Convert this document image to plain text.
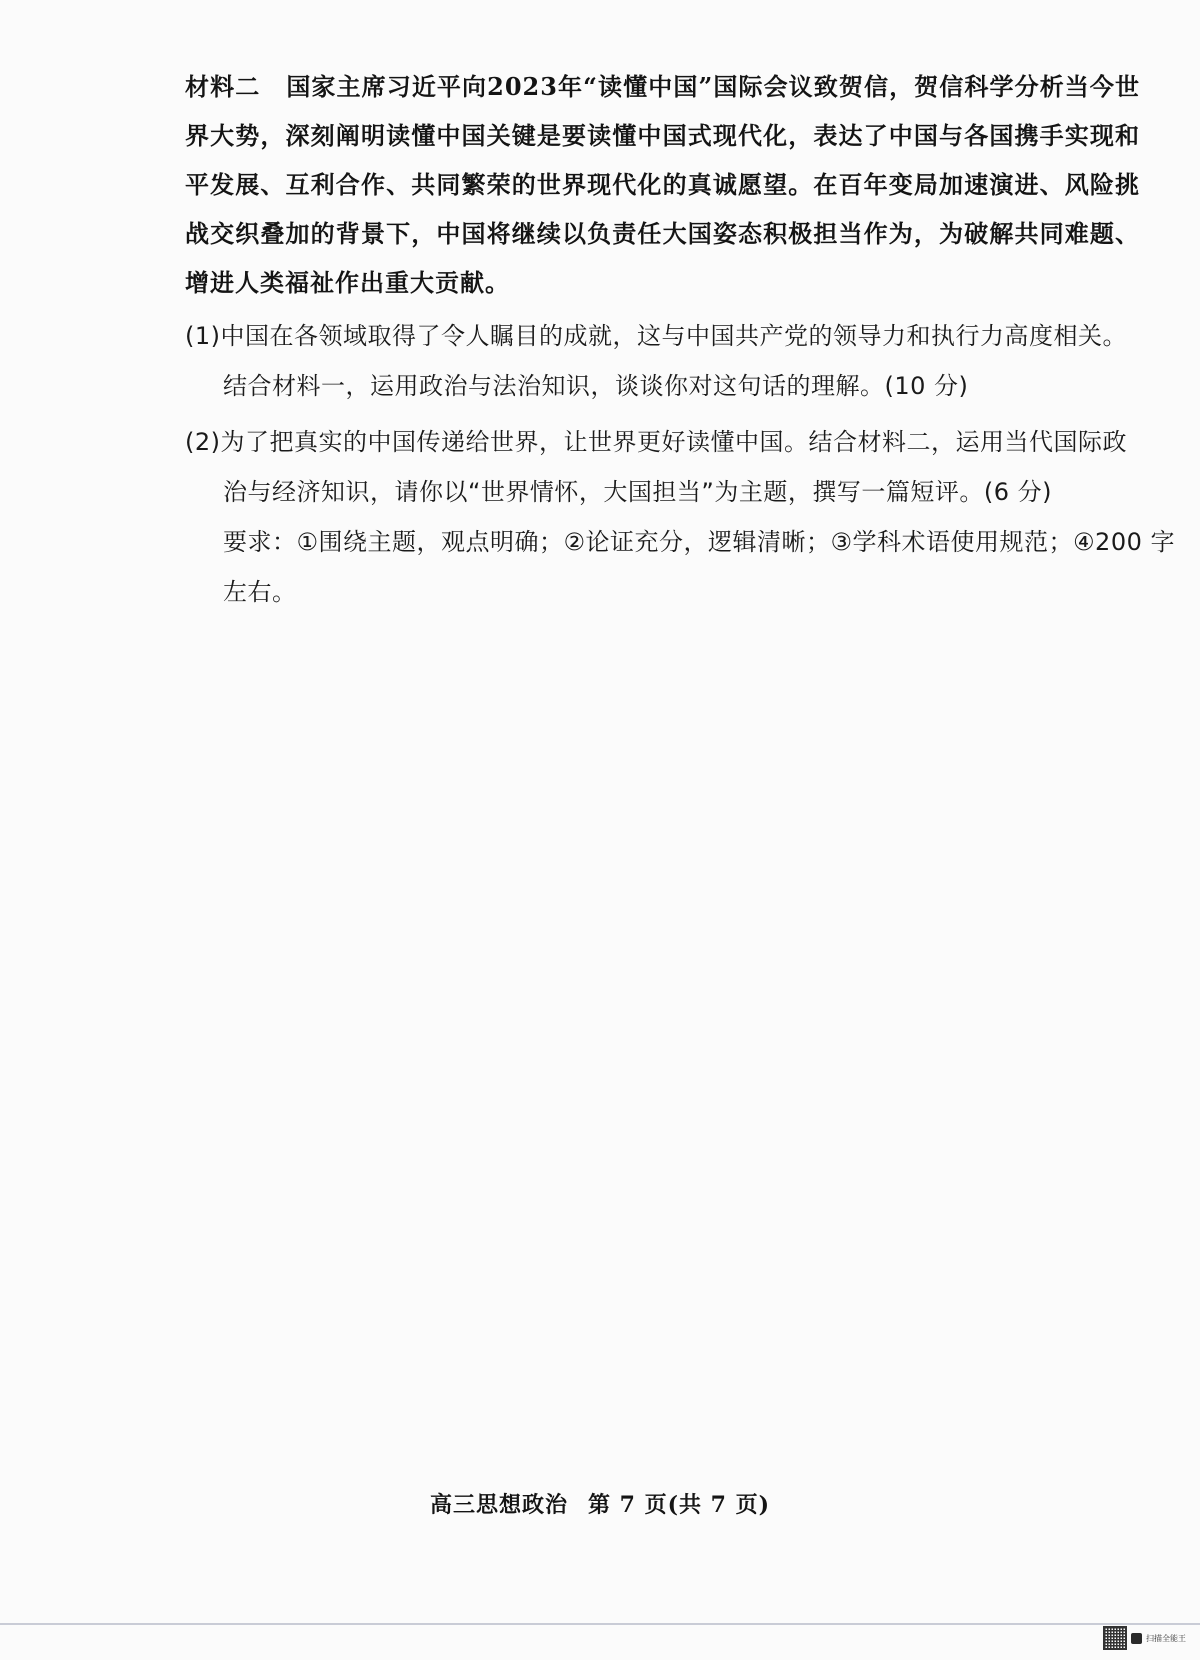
材料二 国家主席习近平向2023年“读懂中国”国际会议致贺信，贺信科学分析当今世界大势，深刻阐明读懂中国关键是要读懂中国式现代化，表达了中国与各国携手实现和平发展、互利合作、共同繁荣的世界现代化的真诚愿望。在百年变局加速演进、风险挑战交织叠加的背景下，中国将继续以负责任大国姿态积极担当作为，为破解共同难题、增进人类福祉作出重大贡献。
(1)中国在各领域取得了令人瞩目的成就，这与中国共产党的领导力和执行力高度相关。
结合材料一，运用政治与法治知识，谈谈你对这句话的理解。(10 分)
(2)为了把真实的中国传递给世界，让世界更好读懂中国。结合材料二，运用当代国际政
治与经济知识，请你以“世界情怀，大国担当”为主题，撰写一篇短评。(6 分)
要求：①围绕主题，观点明确；②论证充分，逻辑清晰；③学科术语使用规范；④200 字
左右。
高三思想政治 第 7 页(共 7 页)
扫描全能王
